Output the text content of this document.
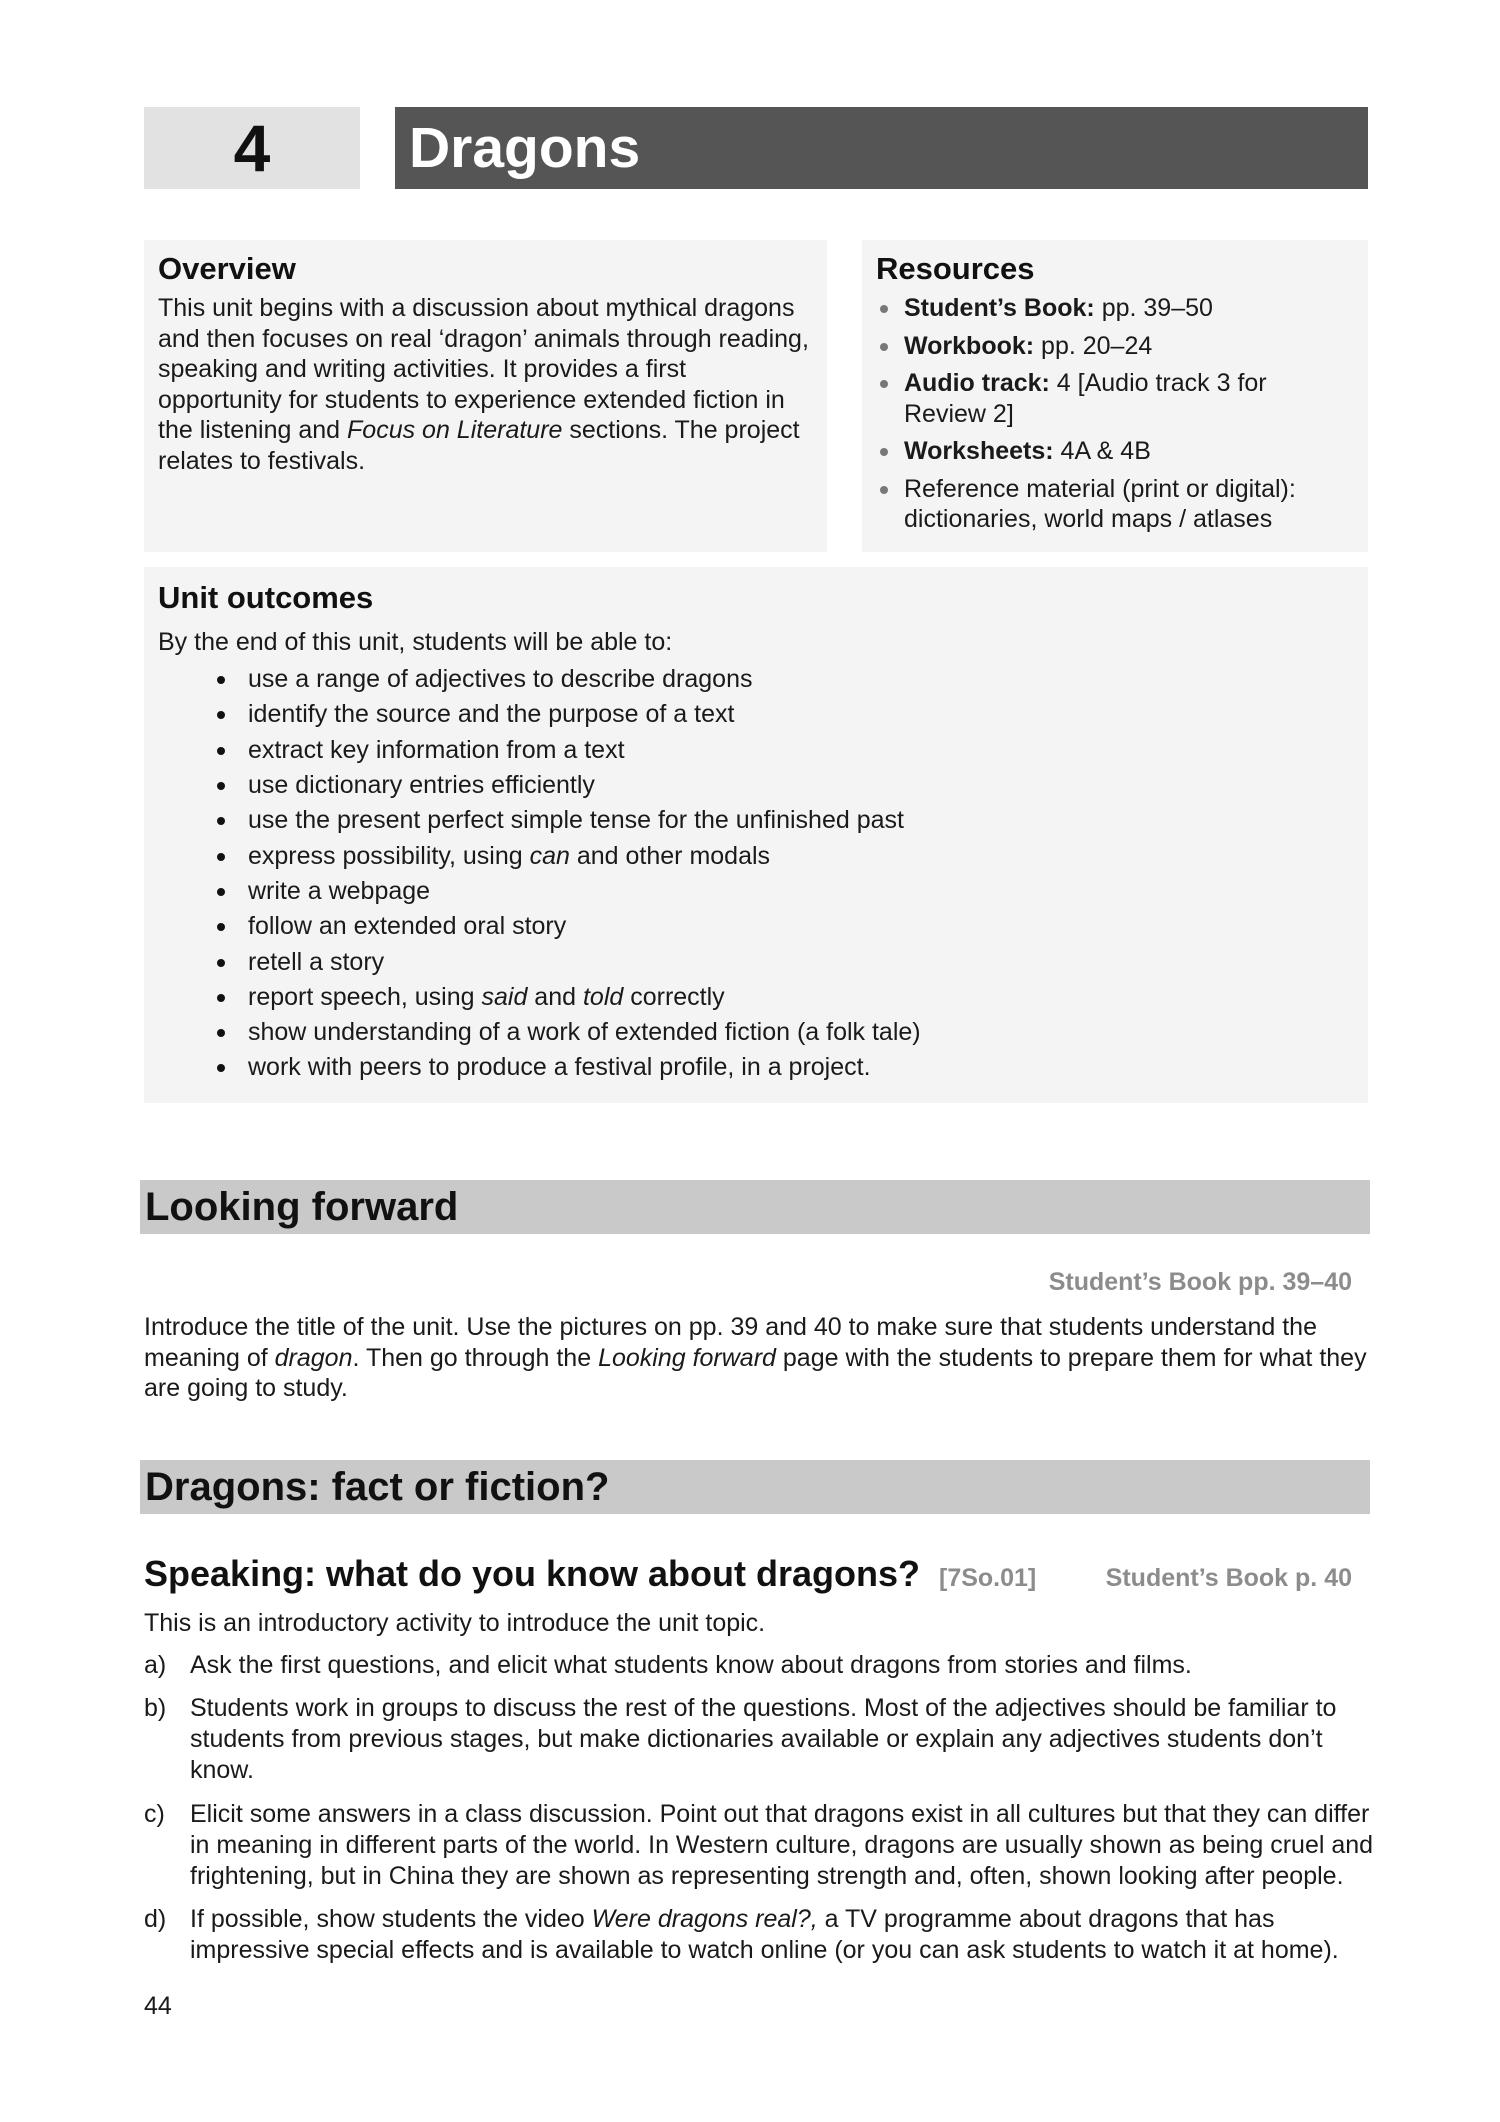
4	Dragons
Overview

This unit begins with a discussion about mythical dragons and then focuses on real ‘dragon’ animals through reading, speaking and writing activities. It provides a first opportunity for students to experience extended fiction in the listening and Focus on Literature sections. The project relates to festivals.

Resources
Student’s Book: pp. 39–50
Workbook: pp. 20–24
Audio track: 4 [Audio track 3 for Review 2]
Worksheets: 4A & 4B
Reference material (print or digital): dictionaries, world maps / atlases
Unit outcomes
By the end of this unit, students will be able to:
use a range of adjectives to describe dragons
identify the source and the purpose of a text
extract key information from a text
use dictionary entries efficiently
use the present perfect simple tense for the unfinished past
express possibility, using can and other modals
write a webpage
follow an extended oral story
retell a story
report speech, using said and told correctly
show understanding of a work of extended fiction (a folk tale)
work with peers to produce a festival profile, in a project.
Looking forward
Student’s Book pp. 39–40

Introduce the title of the unit. Use the pictures on pp. 39 and 40 to make sure that students understand the meaning of dragon. Then go through the Looking forward page with the students to prepare them for what they are going to study.

Dragons: fact or fiction?
Speaking: what do you know about dragons? [7So.01]	Student’s Book p. 40

This is an introductory activity to introduce the unit topic.

a) Ask the first questions, and elicit what students know about dragons from stories and films.
b) Students work in groups to discuss the rest of the questions. Most of the adjectives should be familiar to students from previous stages, but make dictionaries available or explain any adjectives students don’t know.
c) Elicit some answers in a class discussion. Point out that dragons exist in all cultures but that they can differ in meaning in different parts of the world. In Western culture, dragons are usually shown as being cruel and frightening, but in China they are shown as representing strength and, often, shown looking after people.
d) If possible, show students the video Were dragons real?, a TV programme about dragons that has impressive special effects and is available to watch online (or you can ask students to watch it at home).
44
